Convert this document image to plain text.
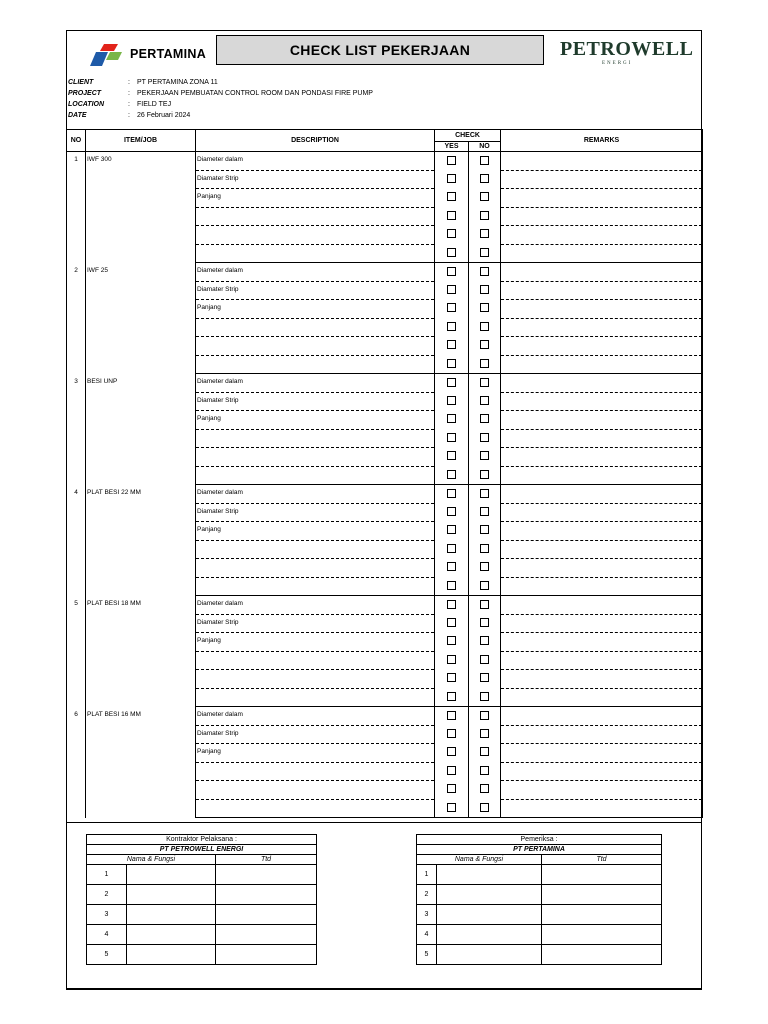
PERTAMINA	CHECK LIST PEKERJAAN	PETROWELL
ENERGI
CLIENT	:	PT PERTAMINA ZONA 11
PROJECT	:	PEKERJAAN PEMBUATAN CONTROL ROOM DAN PONDASI FIRE PUMP
LOCATION	:	FIELD TEJ
DATE	:	26 Februari 2024
NO	ITEM/JOB	DESCRIPTION	CHECK		REMARKS
			YES	NO	

1	IWF 300	Diameter dalam			

		Diamater Strip			

		Panjang			

2	IWF 25	Diameter dalam			

		Diamater Strip			

		Panjang			

3	BESI UNP	Diameter dalam			

		Diamater Strip			

		Panjang			

4	PLAT BESI 22 MM	Diameter dalam			

		Diamater Strip			

		Panjang			

5	PLAT BESI 18 MM	Diameter dalam			

		Diamater Strip			

		Panjang			

6	PLAT BESI 16 MM	Diameter dalam			

		Diamater Strip			

		Panjang			

Kontraktor Pelaksana :		
PT PETROWELL ENERGI		
Nama & Fungsi		Ttd
1		
2		
3		
4		
5		
Pemeriksa :		
PT PERTAMINA		
Nama & Fungsi		Ttd
1		
2		
3		
4		
5		
